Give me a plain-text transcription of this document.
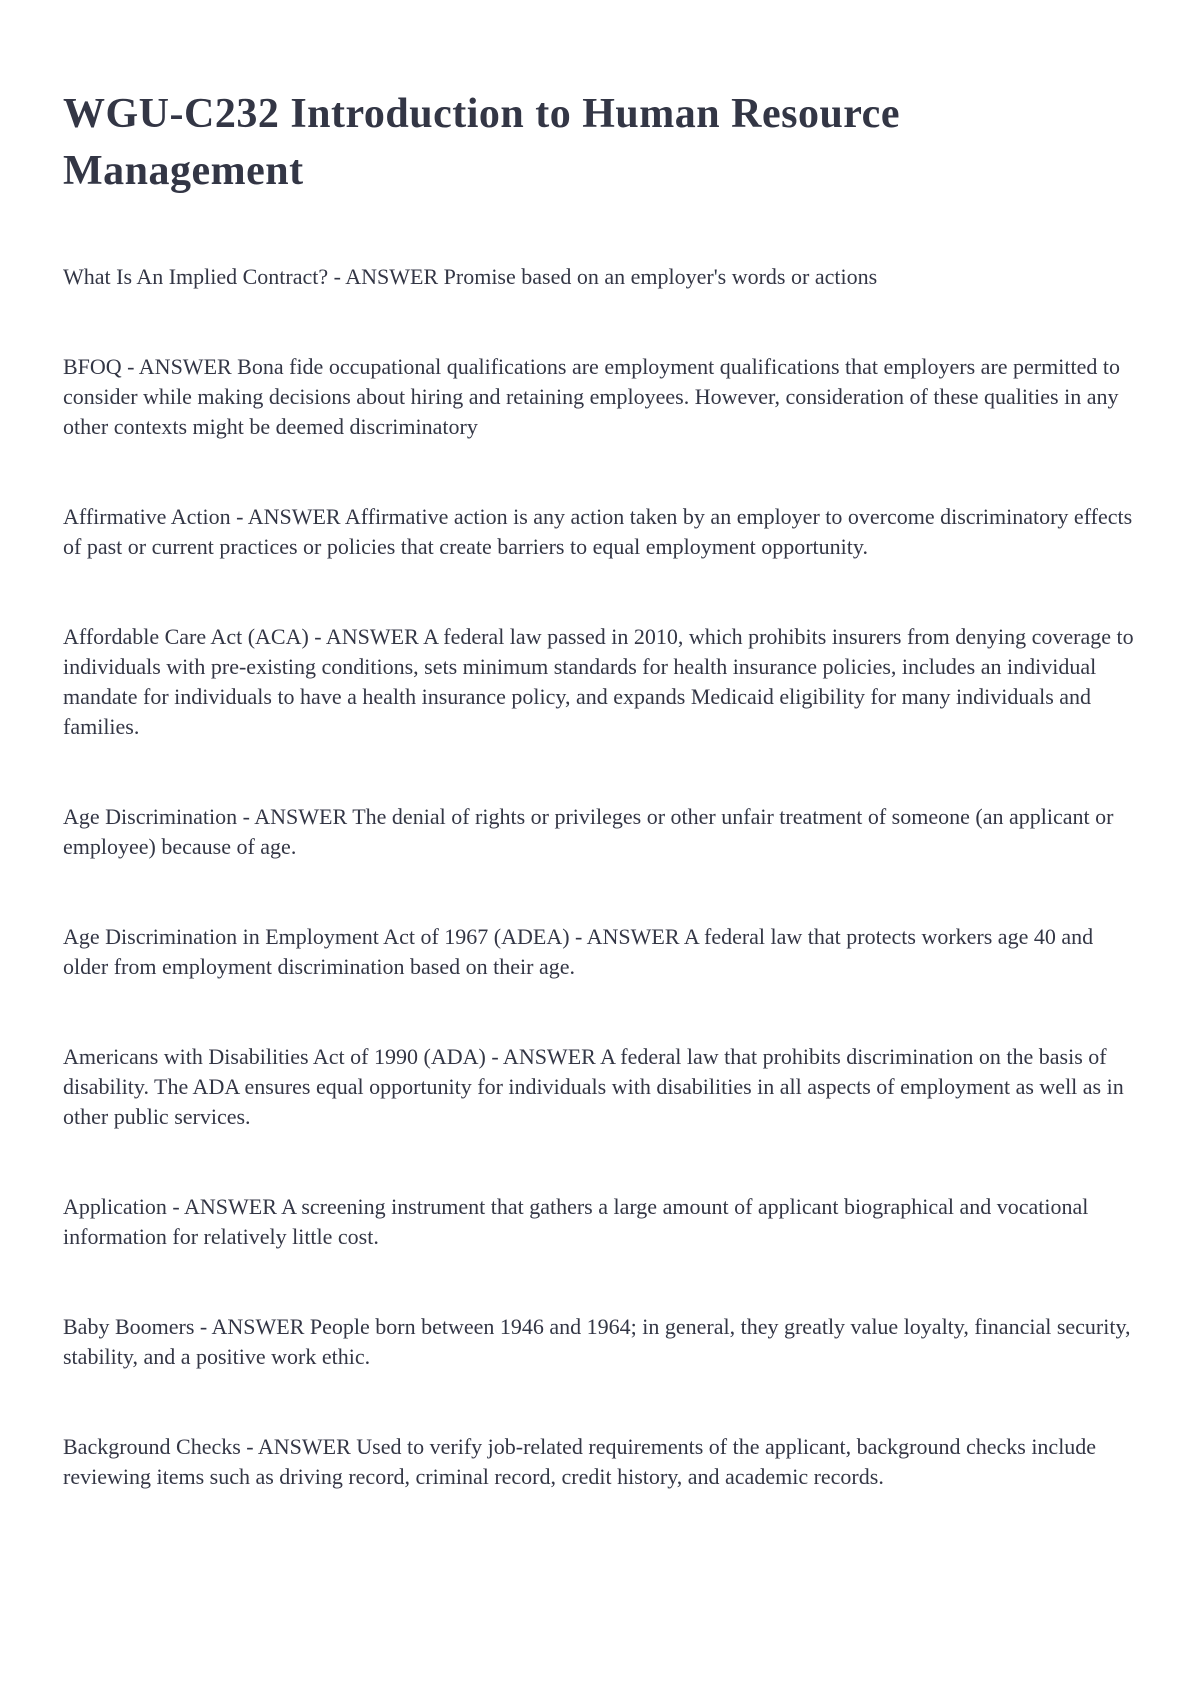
WGU-C232 Introduction to Human Resource Management

What Is An Implied Contract? - ANSWER Promise based on an employer's words or actions

BFOQ - ANSWER Bona fide occupational qualifications are employment qualifications that employers are permitted to consider while making decisions about hiring and retaining employees. However, consideration of these qualities in any other contexts might be deemed discriminatory

Affirmative Action - ANSWER Affirmative action is any action taken by an employer to overcome discriminatory effects of past or current practices or policies that create barriers to equal employment opportunity.

Affordable Care Act (ACA) - ANSWER A federal law passed in 2010, which prohibits insurers from denying coverage to individuals with pre-existing conditions, sets minimum standards for health insurance policies, includes an individual mandate for individuals to have a health insurance policy, and expands Medicaid eligibility for many individuals and families.

Age Discrimination - ANSWER The denial of rights or privileges or other unfair treatment of someone (an applicant or employee) because of age.

Age Discrimination in Employment Act of 1967 (ADEA) - ANSWER A federal law that protects workers age 40 and older from employment discrimination based on their age.

Americans with Disabilities Act of 1990 (ADA) - ANSWER A federal law that prohibits discrimination on the basis of disability. The ADA ensures equal opportunity for individuals with disabilities in all aspects of employment as well as in other public services.

Application - ANSWER A screening instrument that gathers a large amount of applicant biographical and vocational information for relatively little cost.

Baby Boomers - ANSWER People born between 1946 and 1964; in general, they greatly value loyalty, financial security, stability, and a positive work ethic.

Background Checks - ANSWER Used to verify job-related requirements of the applicant, background checks include reviewing items such as driving record, criminal record, credit history, and academic records.
